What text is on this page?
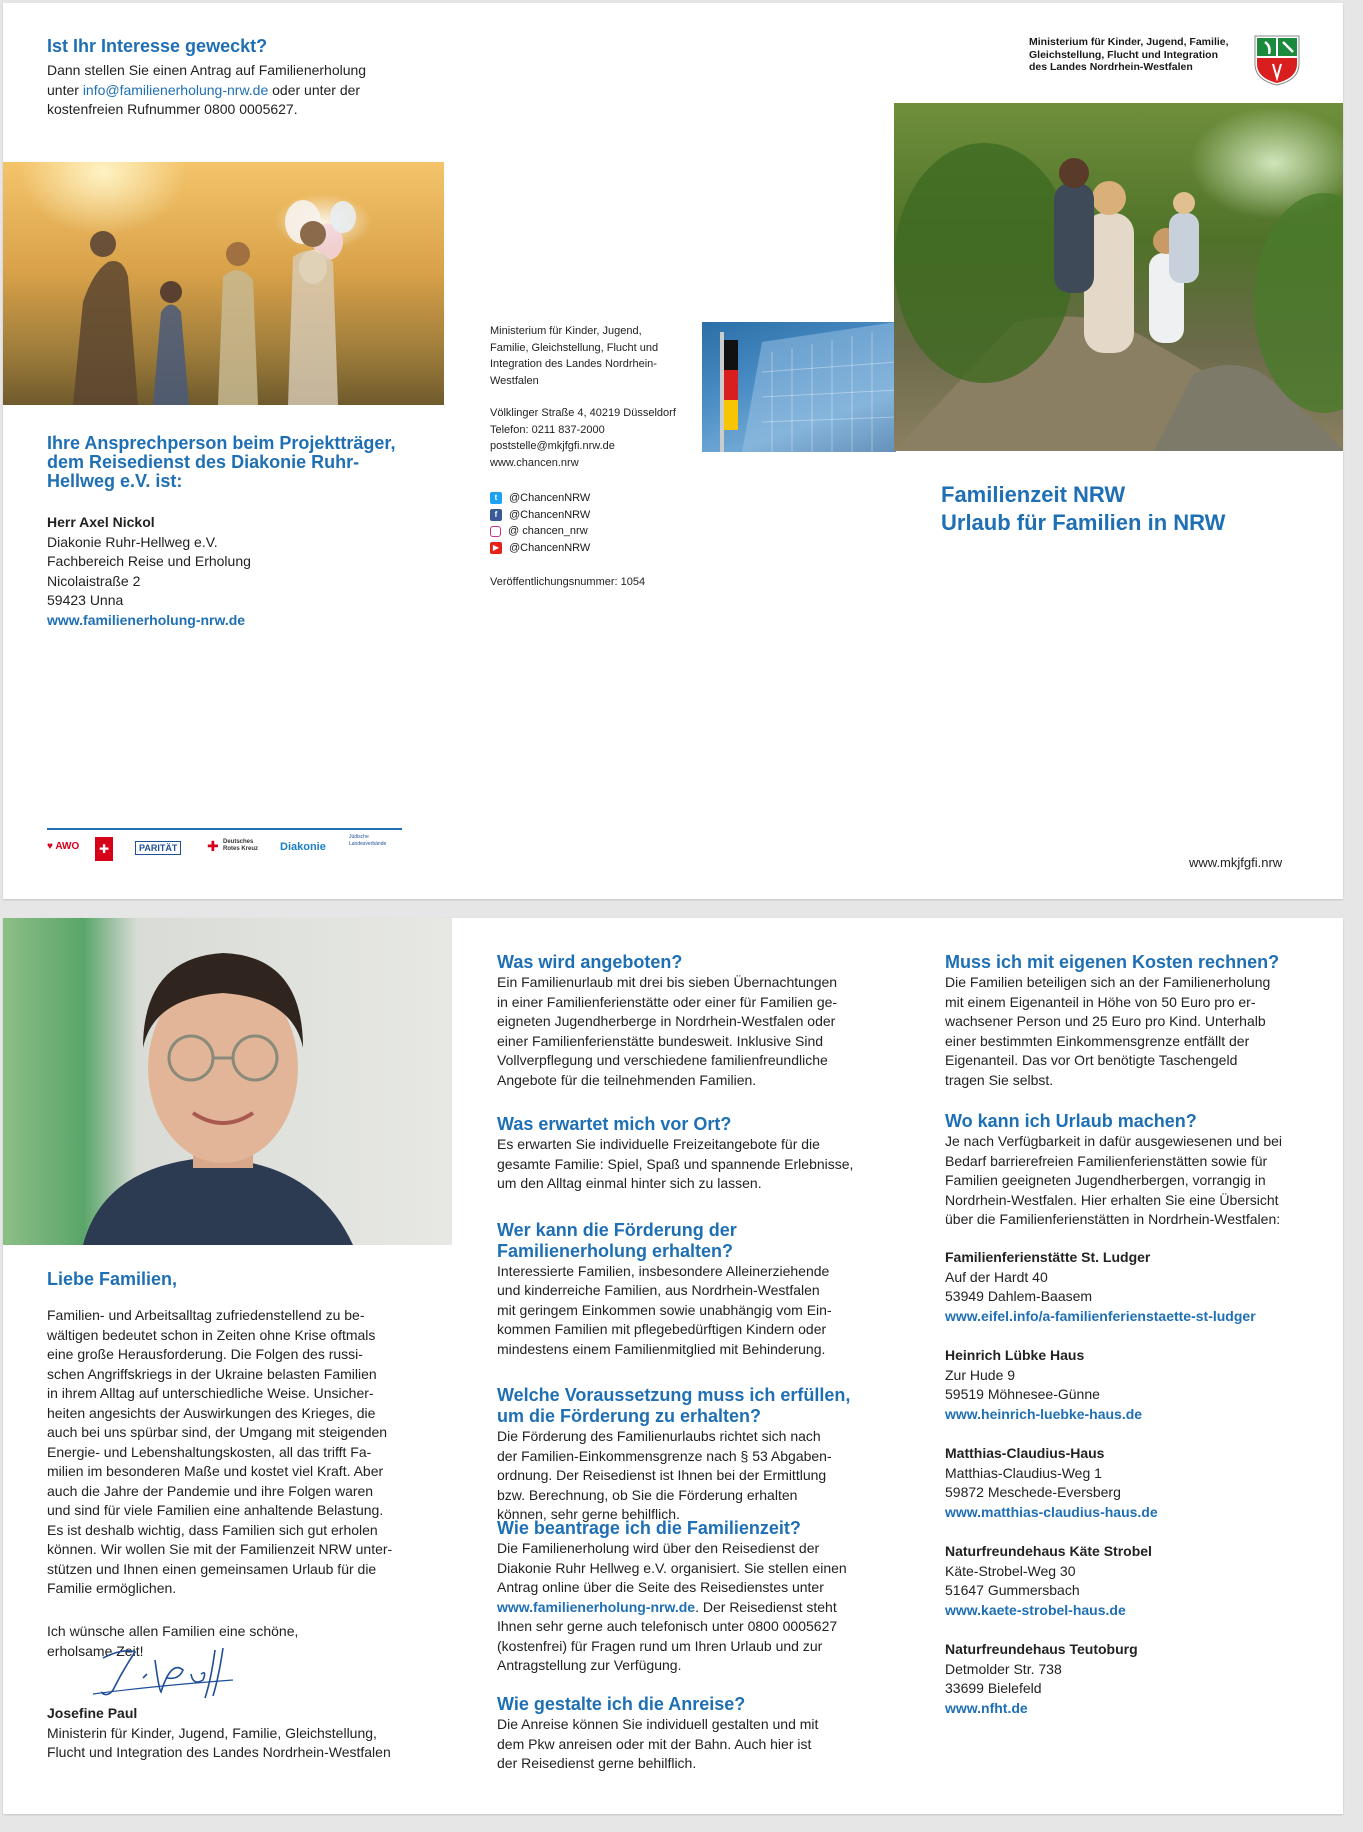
Ist Ihr Interesse geweckt?
Dann stellen Sie einen Antrag auf Familienerholung
unter info@familienerholung-nrw.de oder unter der
kostenfreien Rufnummer 0800 0005627.
Ihre Ansprechperson beim Projektträger,
dem Reisedienst des Diakonie Ruhr-
Hellweg e.V. ist:
Herr Axel Nickol
Diakonie Ruhr-Hellweg e.V.
Fachbereich Reise und Erholung
Nicolaistraße 2
59423 Unna
www.familienerholung-nrw.de
♥ AWO	✚	PARITÄT ✚ Deutsches Rotes Kreuz Diakonie
Jüdische Landesverbände
Ministerium für Kinder, Jugend,
Familie, Gleichstellung, Flucht und
Integration des Landes Nordrhein-
Westfalen
Völklinger Straße 4, 40219 Düsseldorf
Telefon: 0211 837-2000
poststelle@mkjfgfi.nrw.de
www.chancen.nrw
t	@ChancenNRW
f	@ChancenNRW
@ chancen_nrw
▶ @ChancenNRW
Veröffentlichungsnummer: 1054
Ministerium für Kinder, Jugend, Familie,
Gleichstellung, Flucht und Integration
des Landes Nordrhein-Westfalen
Familienzeit NRW
Urlaub für Familien in NRW
www.mkjfgfi.nrw
Liebe Familien,
Familien- und Arbeitsalltag zufriedenstellend zu be-
wältigen bedeutet schon in Zeiten ohne Krise oftmals
eine große Herausforderung. Die Folgen des russi-
schen Angriffskriegs in der Ukraine belasten Familien
in ihrem Alltag auf unterschiedliche Weise. Unsicher-
heiten angesichts der Auswirkungen des Krieges, die
auch bei uns spürbar sind, der Umgang mit steigenden
Energie- und Lebenshaltungskosten, all das trifft Fa-
milien im besonderen Maße und kostet viel Kraft. Aber
auch die Jahre der Pandemie und ihre Folgen waren
und sind für viele Familien eine anhaltende Belastung.
Es ist deshalb wichtig, dass Familien sich gut erholen
können. Wir wollen Sie mit der Familienzeit NRW unter-
stützen und Ihnen einen gemeinsamen Urlaub für die
Familie ermöglichen.
Ich wünsche allen Familien eine schöne,
erholsame Zeit!
Josefine Paul
Ministerin für Kinder, Jugend, Familie, Gleichstellung,
Flucht und Integration des Landes Nordrhein-Westfalen
Was wird angeboten?
Ein Familienurlaub mit drei bis sieben Übernachtungen
in einer Familienferienstätte oder einer für Familien ge-
eigneten Jugendherberge in Nordrhein-Westfalen oder
einer Familienferienstätte bundesweit. Inklusive Sind
Vollverpflegung und verschiedene familienfreundliche
Angebote für die teilnehmenden Familien.
Was erwartet mich vor Ort?
Es erwarten Sie individuelle Freizeitangebote für die
gesamte Familie: Spiel, Spaß und spannende Erlebnisse,
um den Alltag einmal hinter sich zu lassen.
Wer kann die Förderung der
Familienerholung erhalten?
Interessierte Familien, insbesondere Alleinerziehende
und kinderreiche Familien, aus Nordrhein-Westfalen
mit geringem Einkommen sowie unabhängig vom Ein-
kommen Familien mit pflegebedürftigen Kindern oder
mindestens einem Familienmitglied mit Behinderung.
Welche Voraussetzung muss ich erfüllen,
um die Förderung zu erhalten?
Die Förderung des Familienurlaubs richtet sich nach
der Familien-Einkommensgrenze nach § 53 Abgaben-
ordnung. Der Reisedienst ist Ihnen bei der Ermittlung
bzw. Berechnung, ob Sie die Förderung erhalten
können, sehr gerne behilflich.
Wie beantrage ich die Familienzeit?
Die Familienerholung wird über den Reisedienst der
Diakonie Ruhr Hellweg e.V. organisiert. Sie stellen einen
Antrag online über die Seite des Reisedienstes unter
www.familienerholung-nrw.de. Der Reisedienst steht
Ihnen sehr gerne auch telefonisch unter 0800 0005627
(kostenfrei) für Fragen rund um Ihren Urlaub und zur
Antragstellung zur Verfügung.
Wie gestalte ich die Anreise?
Die Anreise können Sie individuell gestalten und mit
dem Pkw anreisen oder mit der Bahn. Auch hier ist
der Reisedienst gerne behilflich.
Muss ich mit eigenen Kosten rechnen?
Die Familien beteiligen sich an der Familienerholung
mit einem Eigenanteil in Höhe von 50 Euro pro er-
wachsener Person und 25 Euro pro Kind. Unterhalb
einer bestimmten Einkommensgrenze entfällt der
Eigenanteil. Das vor Ort benötigte Taschengeld
tragen Sie selbst.
Wo kann ich Urlaub machen?
Je nach Verfügbarkeit in dafür ausgewiesenen und bei
Bedarf barrierefreien Familienferienstätten sowie für
Familien geeigneten Jugendherbergen, vorrangig in
Nordrhein-Westfalen. Hier erhalten Sie eine Übersicht
über die Familienferienstätten in Nordrhein-Westfalen:
Familienferienstätte St. Ludger
Auf der Hardt 40
53949 Dahlem-Baasem
www.eifel.info/a-familienferienstaette-st-ludger
Heinrich Lübke Haus
Zur Hude 9
59519 Möhnesee-Günne
www.heinrich-luebke-haus.de
Matthias-Claudius-Haus
Matthias-Claudius-Weg 1
59872 Meschede-Eversberg
www.matthias-claudius-haus.de
Naturfreundehaus Käte Strobel
Käte-Strobel-Weg 30
51647 Gummersbach
www.kaete-strobel-haus.de
Naturfreundehaus Teutoburg
Detmolder Str. 738
33699 Bielefeld
www.nfht.de
